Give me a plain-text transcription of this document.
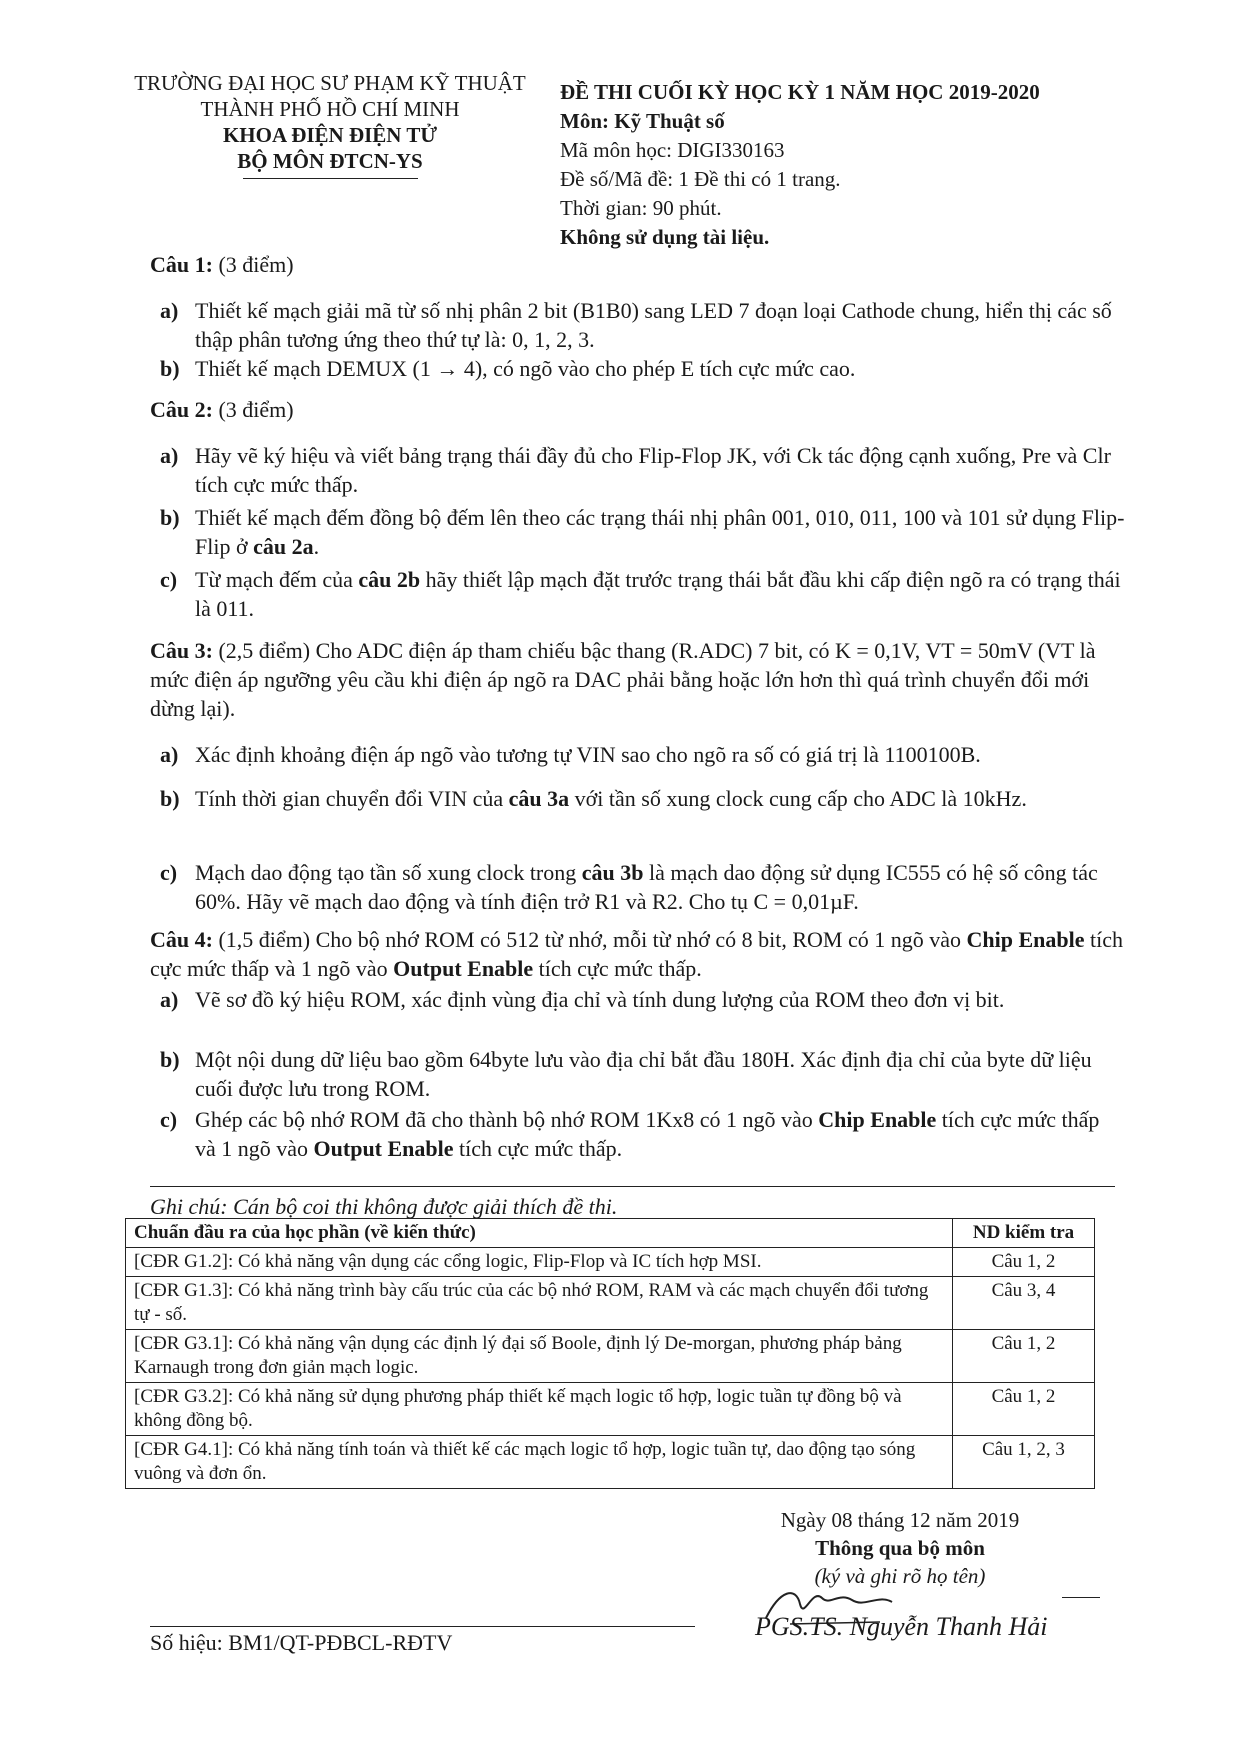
TRƯỜNG ĐẠI HỌC SƯ PHẠM KỸ THUẬT
THÀNH PHỐ HỒ CHÍ MINH
KHOA ĐIỆN ĐIỆN TỬ
BỘ MÔN ĐTCN-YS
ĐỀ THI CUỐI KỲ HỌC KỲ 1 NĂM HỌC 2019-2020
Môn: Kỹ Thuật số
Mã môn học: DIGI330163
Đề số/Mã đề: 1 Đề thi có 1 trang.
Thời gian: 90 phút.
Không sử dụng tài liệu.
Câu 1: (3 điểm)
a) Thiết kế mạch giải mã từ số nhị phân 2 bit (B1B0) sang LED 7 đoạn loại Cathode chung, hiển thị các số thập phân tương ứng theo thứ tự là: 0, 1, 2, 3.
b) Thiết kế mạch DEMUX (1 → 4), có ngõ vào cho phép E tích cực mức cao.
Câu 2: (3 điểm)
a) Hãy vẽ ký hiệu và viết bảng trạng thái đầy đủ cho Flip-Flop JK, với Ck tác động cạnh xuống, Pre và Clr tích cực mức thấp.
b) Thiết kế mạch đếm đồng bộ đếm lên theo các trạng thái nhị phân 001, 010, 011, 100 và 101 sử dụng Flip-Flip ở câu 2a.
c) Từ mạch đếm của câu 2b hãy thiết lập mạch đặt trước trạng thái bắt đầu khi cấp điện ngõ ra có trạng thái là 011.
Câu 3: (2,5 điểm) Cho ADC điện áp tham chiếu bậc thang (R.ADC) 7 bit, có K = 0,1V, VT = 50mV (VT là mức điện áp ngưỡng yêu cầu khi điện áp ngõ ra DAC phải bằng hoặc lớn hơn thì quá trình chuyển đổi mới dừng lại).
a) Xác định khoảng điện áp ngõ vào tương tự VIN sao cho ngõ ra số có giá trị là 1100100B.
b) Tính thời gian chuyển đổi VIN của câu 3a với tần số xung clock cung cấp cho ADC là 10kHz.
c) Mạch dao động tạo tần số xung clock trong câu 3b là mạch dao động sử dụng IC555 có hệ số công tác 60%. Hãy vẽ mạch dao động và tính điện trở R1 và R2. Cho tụ C = 0,01µF.
Câu 4: (1,5 điểm) Cho bộ nhớ ROM có 512 từ nhớ, mỗi từ nhớ có 8 bit, ROM có 1 ngõ vào Chip Enable tích cực mức thấp và 1 ngõ vào Output Enable tích cực mức thấp.
a) Vẽ sơ đồ ký hiệu ROM, xác định vùng địa chỉ và tính dung lượng của ROM theo đơn vị bit.
b) Một nội dung dữ liệu bao gồm 64byte lưu vào địa chỉ bắt đầu 180H. Xác định địa chỉ của byte dữ liệu cuối được lưu trong ROM.
c) Ghép các bộ nhớ ROM đã cho thành bộ nhớ ROM 1Kx8 có 1 ngõ vào Chip Enable tích cực mức thấp và 1 ngõ vào Output Enable tích cực mức thấp.
Ghi chú: Cán bộ coi thi không được giải thích đề thi.
Chuẩn đầu ra của học phần (về kiến thức)	ND kiểm tra
[CĐR G1.2]: Có khả năng vận dụng các cổng logic, Flip-Flop và IC tích hợp MSI.	Câu 1, 2
[CĐR G1.3]: Có khả năng trình bày cấu trúc của các bộ nhớ ROM, RAM và các mạch chuyển đổi tương tự - số.	Câu 3, 4
[CĐR G3.1]: Có khả năng vận dụng các định lý đại số Boole, định lý De-morgan, phương pháp bảng Karnaugh trong đơn giản mạch logic.	Câu 1, 2
[CĐR G3.2]: Có khả năng sử dụng phương pháp thiết kế mạch logic tổ hợp, logic tuần tự đồng bộ và không đồng bộ.	Câu 1, 2
[CĐR G4.1]: Có khả năng tính toán và thiết kế các mạch logic tổ hợp, logic tuần tự, dao động tạo sóng vuông và đơn ổn.	Câu 1, 2, 3
Ngày 08 tháng 12 năm 2019
Thông qua bộ môn
(ký và ghi rõ họ tên)
PGS.TS. Nguyễn Thanh Hải
Số hiệu: BM1/QT-PĐBCL-RĐTV
